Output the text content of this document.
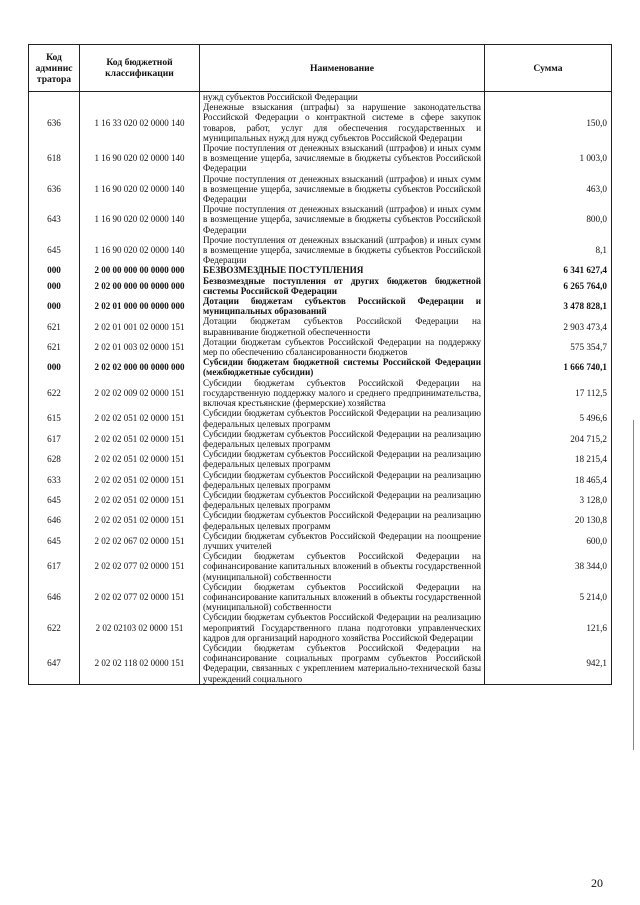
Код админис тратора	Код бюджетной классификации	Наименование	Сумма
		нужд субъектов Российской Федерации	
636	1 16 33 020 02 0000 140	Денежные взыскания (штрафы) за нарушение законодательства Российской Федерации о контрактной системе в сфере закупок товаров, работ, услуг для обеспечения государственных и муниципальных нужд для нужд субъектов Российской Федерации	150,0
618	1 16 90 020 02 0000 140	Прочие поступления от денежных взысканий (штрафов) и иных сумм в возмещение ущерба, зачисляемые в бюджеты субъектов Российской Федерации	1 003,0
636	1 16 90 020 02 0000 140	Прочие поступления от денежных взысканий (штрафов) и иных сумм в возмещение ущерба, зачисляемые в бюджеты субъектов Российской Федерации	463,0
643	1 16 90 020 02 0000 140	Прочие поступления от денежных взысканий (штрафов) и иных сумм в возмещение ущерба, зачисляемые в бюджеты субъектов Российской Федерации	800,0
645	1 16 90 020 02 0000 140	Прочие поступления от денежных взысканий (штрафов) и иных сумм в возмещение ущерба, зачисляемые в бюджеты субъектов Российской Федерации	8,1
000	2 00 00 000 00 0000 000	БЕЗВОЗМЕЗДНЫЕ ПОСТУПЛЕНИЯ	6 341 627,4
000	2 02 00 000 00 0000 000	Безвозмездные поступления от других бюджетов бюджетной системы Российской Федерации	6 265 764,0
000	2 02 01 000 00 0000 000	Дотации бюджетам субъектов Российской Федерации и муниципальных образований	3 478 828,1
621	2 02 01 001 02 0000 151	Дотации бюджетам субъектов Российской Федерации на выравнивание бюджетной обеспеченности	2 903 473,4
621	2 02 01 003 02 0000 151	Дотации бюджетам субъектов Российской Федерации на поддержку мер по обеспечению сбалансированности бюджетов	575 354,7
000	2 02 02 000 00 0000 000	Субсидии бюджетам бюджетной системы Российской Федерации (межбюджетные субсидии)	1 666 740,1
622	2 02 02 009 02 0000 151	Субсидии бюджетам субъектов Российской Федерации на государственную поддержку малого и среднего предпринимательства, включая крестьянские (фермерские) хозяйства	17 112,5
615	2 02 02 051 02 0000 151	Субсидии бюджетам субъектов Российской Федерации на реализацию федеральных целевых программ	5 496,6
617	2 02 02 051 02 0000 151	Субсидии бюджетам субъектов Российской Федерации на реализацию федеральных целевых программ	204 715,2
628	2 02 02 051 02 0000 151	Субсидии бюджетам субъектов Российской Федерации на реализацию федеральных целевых программ	18 215,4
633	2 02 02 051 02 0000 151	Субсидии бюджетам субъектов Российской Федерации на реализацию федеральных целевых программ	18 465,4
645	2 02 02 051 02 0000 151	Субсидии бюджетам субъектов Российской Федерации на реализацию федеральных целевых программ	3 128,0
646	2 02 02 051 02 0000 151	Субсидии бюджетам субъектов Российской Федерации на реализацию федеральных целевых программ	20 130,8
645	2 02 02 067 02 0000 151	Субсидии бюджетам субъектов Российской Федерации на поощрение лучших учителей	600,0
617	2 02 02 077 02 0000 151	Субсидии бюджетам субъектов Российской Федерации на софинансирование капитальных вложений в объекты государственной (муниципальной) собственности	38 344,0
646	2 02 02 077 02 0000 151	Субсидии бюджетам субъектов Российской Федерации на софинансирование капитальных вложений в объекты государственной (муниципальной) собственности	5 214,0
622	2 02 02103 02 0000 151	Субсидии бюджетам субъектов Российской Федерации на реализацию мероприятий Государственного плана подготовки управленческих кадров для организаций народного хозяйства Российской Федерации	121,6
647	2 02 02 118 02 0000 151	Субсидии бюджетам субъектов Российской Федерации на софинансирование социальных программ субъектов Российской Федерации, связанных с укреплением материально-технической базы учреждений социального	942,1
20
